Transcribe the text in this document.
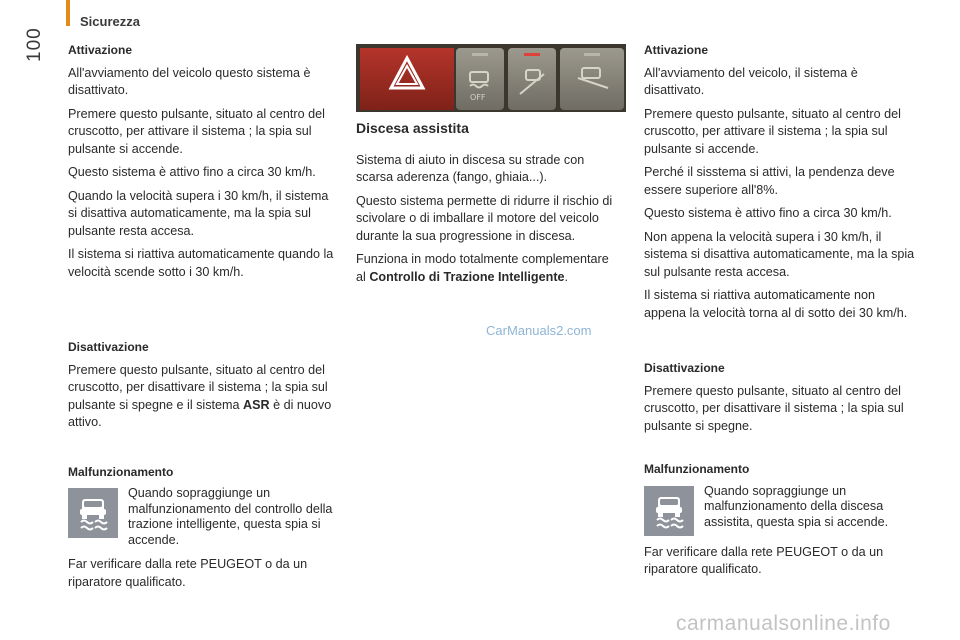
Sicurezza
100 Attivazione

All'avviamento del veicolo questo sistema è disattivato.

Premere questo pulsante, situato al centro del cruscotto, per attivare il sistema ; la spia sul pulsante si accende.

Questo sistema è attivo fino a circa 30 km/h.

Quando la velocità supera i 30 km/h, il sistema si disattiva automaticamente, ma la spia sul pulsante resta accesa.

Il sistema si riattiva automaticamente quando la velocità scende sotto i 30 km/h.

Disattivazione

Premere questo pulsante, situato al centro del cruscotto, per disattivare il sistema ; la spia sul pulsante si spegne e il sistema ASR è di nuovo attivo.

Malfunzionamento
Quando sopraggiunge un malfunzionamento del controllo della trazione intelligente, questa spia si accende.

Far verificare dalla rete PEUGEOT o da un riparatore qualificato.

OFF
Discesa assistita

Sistema di aiuto in discesa su strade con scarsa aderenza (fango, ghiaia...).

Questo sistema permette di ridurre il rischio di scivolare o di imballare il motore del veicolo durante la sua progressione in discesa.

Funziona in modo totalmente complementare al Controllo di Trazione Intelligente.

CarManuals2.com
Attivazione

All'avviamento del veicolo, il sistema è disattivato.

Premere questo pulsante, situato al centro del cruscotto, per attivare il sistema ; la spia sul pulsante si accende.

Perché il sisstema si attivi, la pendenza deve essere superiore all'8%.

Questo sistema è attivo fino a circa 30 km/h.

Non appena la velocità supera i 30 km/h, il sistema si disattiva automaticamente, ma la spia sul pulsante resta accesa.

Il sistema si riattiva automaticamente non appena la velocità torna al di sotto dei 30 km/h.

Disattivazione

Premere questo pulsante, situato al centro del cruscotto, per disattivare il sistema ; la spia sul pulsante si spegne.

Malfunzionamento
Quando sopraggiunge un malfunzionamento della discesa assistita, questa spia si accende.

Far verificare dalla rete PEUGEOT o da un riparatore qualificato.

carmanualsonline.info
